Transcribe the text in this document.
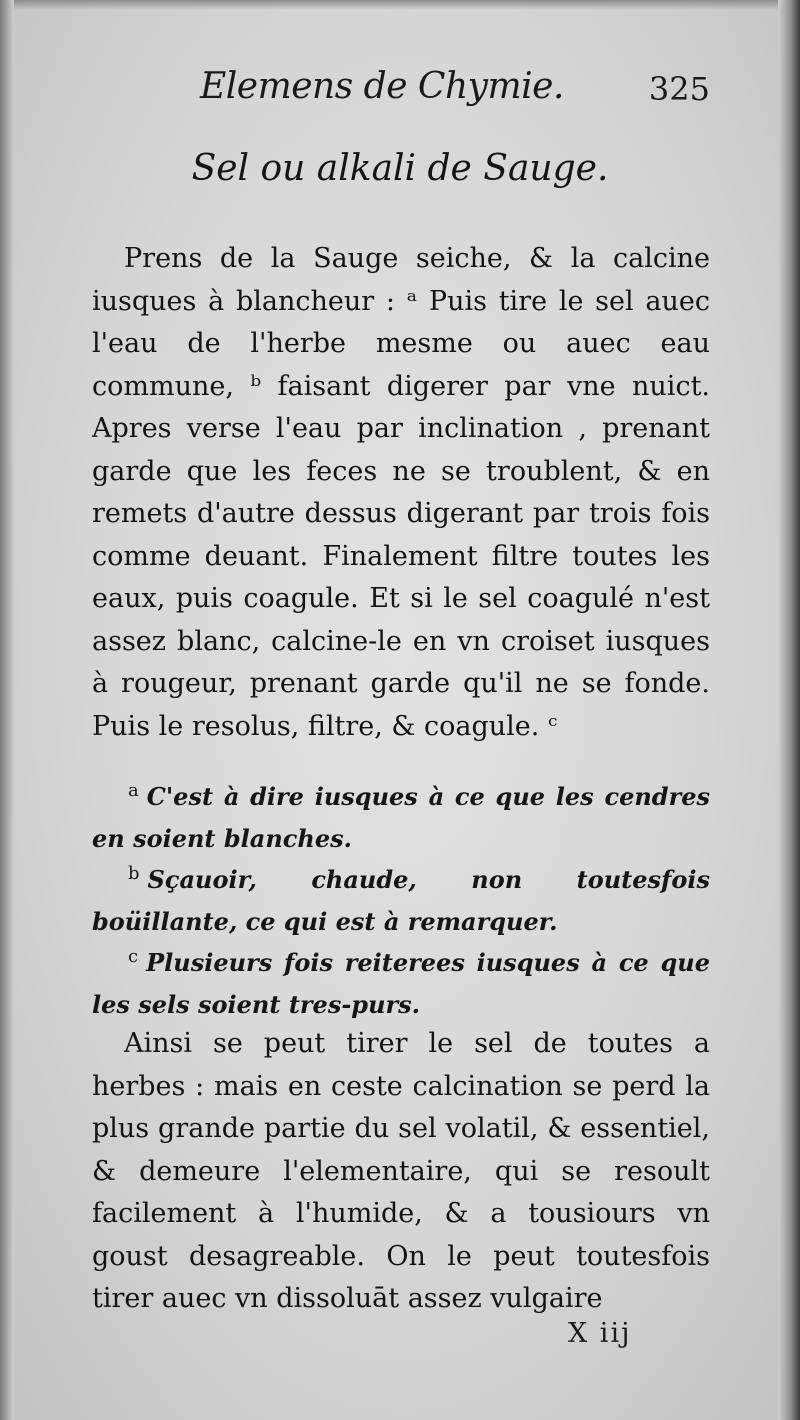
Elemens de Chymie.	325
Sel ou alkali de Sauge.

Prens de la Sauge seiche, & la calcine iusques à blancheur : ᵃ Puis tire le sel auec l'eau de l'herbe mesme ou auec eau commune, ᵇ faisant digerer par vne nuict. Apres verse l'eau par inclination , prenant garde que les feces ne se troublent, & en remets d'autre dessus digerant par trois fois comme deuant. Finalement filtre toutes les eaux, puis coagule. Et si le sel coagulé n'est assez blanc, calcine-le en vn croiset iusques à rougeur, prenant garde qu'il ne se fonde. Puis le resolus, filtre, & coagule. ᶜ

$^a$ C'est à dire iusques à ce que les cendres en soient blanches.

$^b$ Sçauoir, chaude, non toutesfois boüillante, ce qui est à remarquer.

$^c$ Plusieurs fois reiterees iusques à ce que les sels soient tres-purs.

Ainsi se peut tirer le sel de toutes a herbes : mais en ceste calcination se perd la plus grande partie du sel volatil, & essentiel, & demeure l'elementaire, qui se resoult facilement à l'humide, & a tousiours vn goust desagreable. On le peut toutesfois tirer auec vn dissoluāt assez vulgaire

X iij
